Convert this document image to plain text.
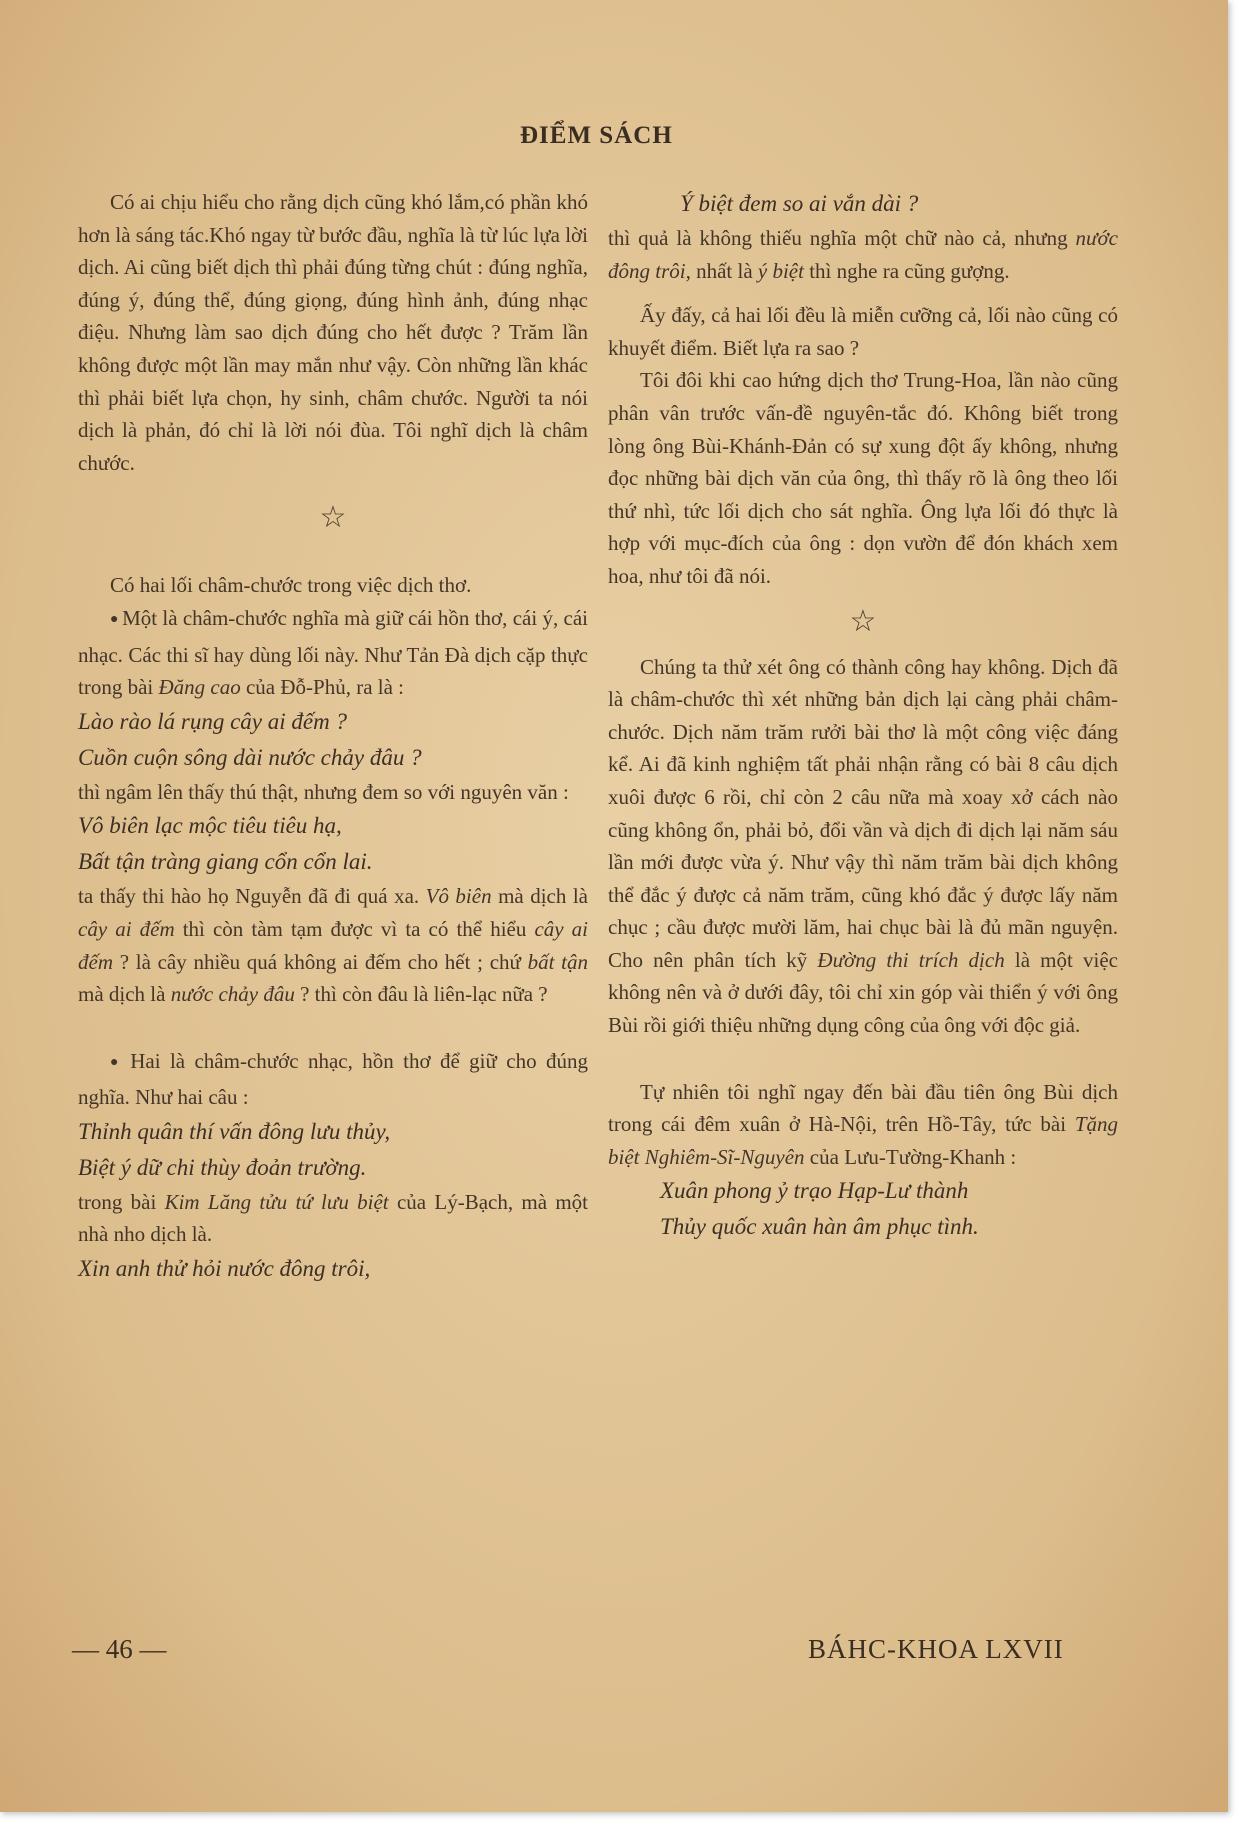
ĐIỂM SÁCH

Có ai chịu hiểu cho rằng dịch cũng khó lắm,có phần khó hơn là sáng tác.Khó ngay từ bước đầu, nghĩa là từ lúc lựa lời dịch. Ai cũng biết dịch thì phải đúng từng chút : đúng nghĩa, đúng ý, đúng thể, đúng giọng, đúng hình ảnh, đúng nhạc điệu. Nhưng làm sao dịch đúng cho hết được ? Trăm lần không được một lần may mắn như vậy. Còn những lần khác thì phải biết lựa chọn, hy sinh, châm chước. Người ta nói dịch là phản, đó chỉ là lời nói đùa. Tôi nghĩ dịch là châm chước.

☆

Có hai lối châm-chước trong việc dịch thơ.

● Một là châm-chước nghĩa mà giữ cái hồn thơ, cái ý, cái nhạc. Các thi sĩ hay dùng lối này. Như Tản Đà dịch cặp thực trong bài Đăng cao của Đỗ-Phủ, ra là :

Lào rào lá rụng cây ai đếm ?

Cuồn cuộn sông dài nước chảy đâu ?

thì ngâm lên thấy thú thật, nhưng đem so với nguyên văn :

Vô biên lạc mộc tiêu tiêu hạ,

Bất tận tràng giang cổn cổn lai.

ta thấy thi hào họ Nguyễn đã đi quá xa. Vô biên mà dịch là cây ai đếm thì còn tàm tạm được vì ta có thể hiểu cây ai đếm ? là cây nhiều quá không ai đếm cho hết ; chứ bất tận mà dịch là nước chảy đâu ? thì còn đâu là liên-lạc nữa ?

● Hai là châm-chước nhạc, hồn thơ để giữ cho đúng nghĩa. Như hai câu :

Thỉnh quân thí vấn đông lưu thủy,

Biệt ý dữ chi thùy đoản trường.

trong bài Kim Lăng tửu tứ lưu biệt của Lý-Bạch, mà một nhà nho dịch là.

Xin anh thử hỏi nước đông trôi,

Ý biệt đem so ai vắn dài ?

thì quả là không thiếu nghĩa một chữ nào cả, nhưng nước đông trôi, nhất là ý biệt thì nghe ra cũng gượng.

Ấy đấy, cả hai lối đều là miễn cưỡng cả, lối nào cũng có khuyết điểm. Biết lựa ra sao ?

Tôi đôi khi cao hứng dịch thơ Trung-Hoa, lần nào cũng phân vân trước vấn-đề nguyên-tắc đó. Không biết trong lòng ông Bùi-Khánh-Đản có sự xung đột ấy không, nhưng đọc những bài dịch văn của ông, thì thấy rõ là ông theo lối thứ nhì, tức lối dịch cho sát nghĩa. Ông lựa lối đó thực là hợp với mục-đích của ông : dọn vườn để đón khách xem hoa, như tôi đã nói.

☆

Chúng ta thử xét ông có thành công hay không. Dịch đã là châm-chước thì xét những bản dịch lại càng phải châm-chước. Dịch năm trăm rưởi bài thơ là một công việc đáng kể. Ai đã kinh nghiệm tất phải nhận rằng có bài 8 câu dịch xuôi được 6 rồi, chỉ còn 2 câu nữa mà xoay xở cách nào cũng không ổn, phải bỏ, đổi vần và dịch đi dịch lại năm sáu lần mới được vừa ý. Như vậy thì năm trăm bài dịch không thể đắc ý được cả năm trăm, cũng khó đắc ý được lấy năm chục ; cầu được mười lăm, hai chục bài là đủ mãn nguyện. Cho nên phân tích kỹ Đường thi trích dịch là một việc không nên và ở dưới đây, tôi chỉ xin góp vài thiển ý với ông Bùi rồi giới thiệu những dụng công của ông với độc giả.

Tự nhiên tôi nghĩ ngay đến bài đầu tiên ông Bùi dịch trong cái đêm xuân ở Hà-Nội, trên Hồ-Tây, tức bài Tặng biệt Nghiêm-Sĩ-Nguyên của Lưu-Tường-Khanh :

Xuân phong ỷ trạo Hạp-Lư thành

Thủy quốc xuân hàn âm phục tình.

— 46 —	BÁHC-KHOA LXVII
